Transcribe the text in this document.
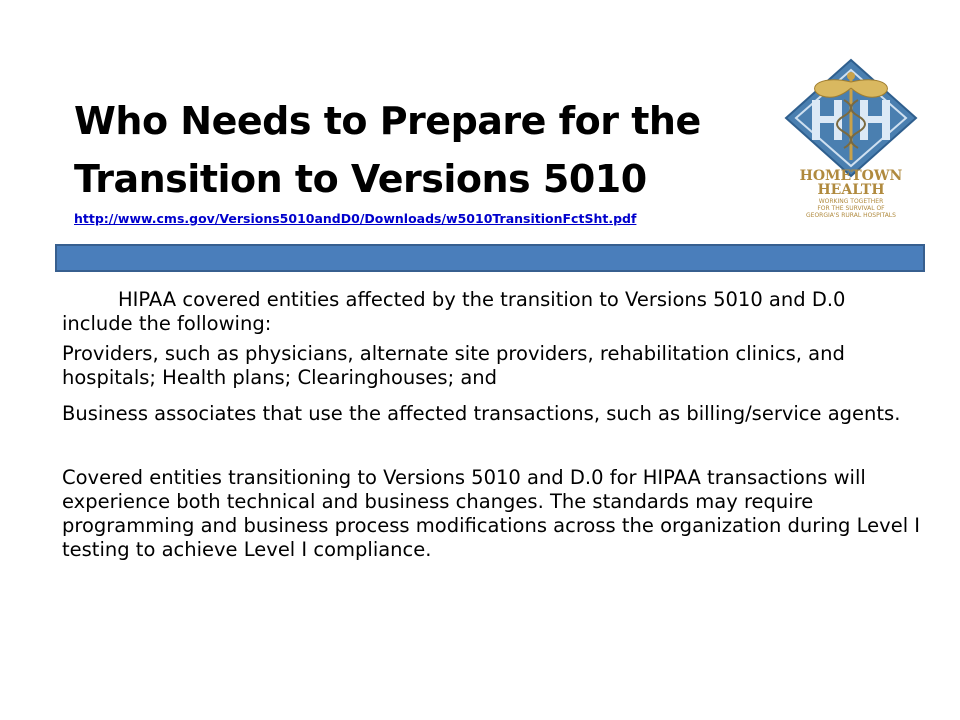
Who Needs to Prepare for the
Transition to Versions 5010
http://www.cms.gov/Versions5010andD0/Downloads/w5010TransitionFctSht.pdf
HOMETOWN
HEALTH
WORKING TOGETHER
FOR THE SURVIVAL OF
GEORGIA'S RURAL HOSPITALS

HIPAA covered entities affected by the transition to Versions 5010 and D.0 include the following:

Providers, such as physicians, alternate site providers, rehabilitation clinics, and hospitals; Health plans; Clearinghouses; and

Business associates that use the affected transactions, such as billing/service agents.

Covered entities transitioning to Versions 5010 and D.0 for HIPAA transactions will experience both technical and business changes. The standards may require programming and business process modifications across the organization during Level I testing to achieve Level I compliance.
